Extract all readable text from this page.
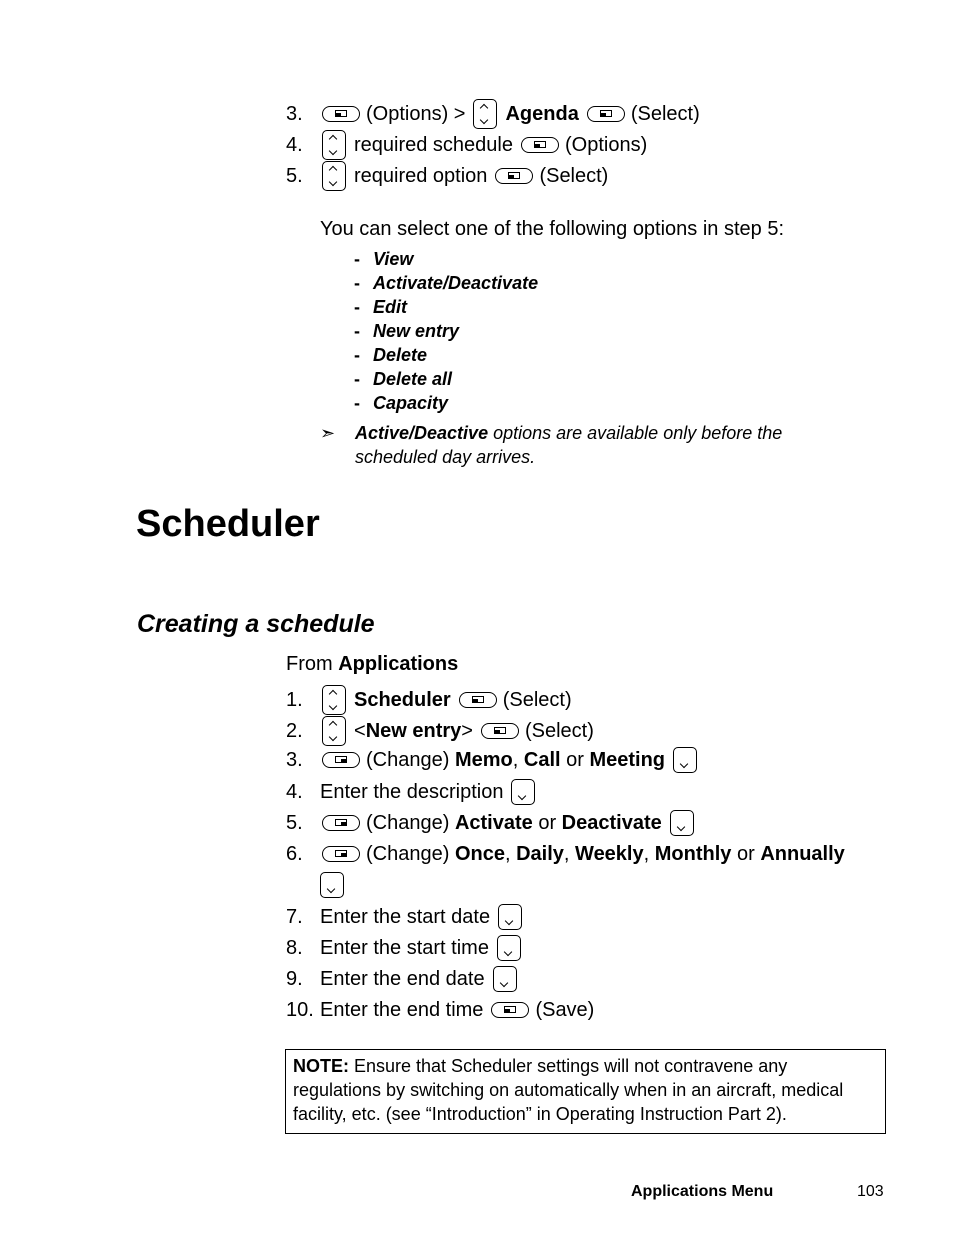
3.	(Options) > Agenda	(Select)
4.	required schedule	(Options)
5.	required option	(Select)
You can select one of the following options in step 5:
- View
- Activate/Deactivate
- Edit
- New entry
- Delete
- Delete all
- Capacity
➣ Active/Deactive options are available only before the
scheduled day arrives.
Scheduler
Creating a schedule
From Applications
1.	Scheduler	(Select)
2.	< New entry >	(Select)
3.	(Change)
Memo , Call or Meeting
4. Enter the description
5.	(Change)
Activate or Deactivate
6.	(Change)
Once , Daily , Weekly , Monthly or Annually
7. Enter the start date
8. Enter the start time
9. Enter the end date
10. Enter the end time	(Save)
NOTE: Ensure that Scheduler settings will not contravene any regulations by switching on automatically when in an aircraft, medical facility, etc. (see “Introduction” in Operating Instruction Part 2).
Applications Menu	103
